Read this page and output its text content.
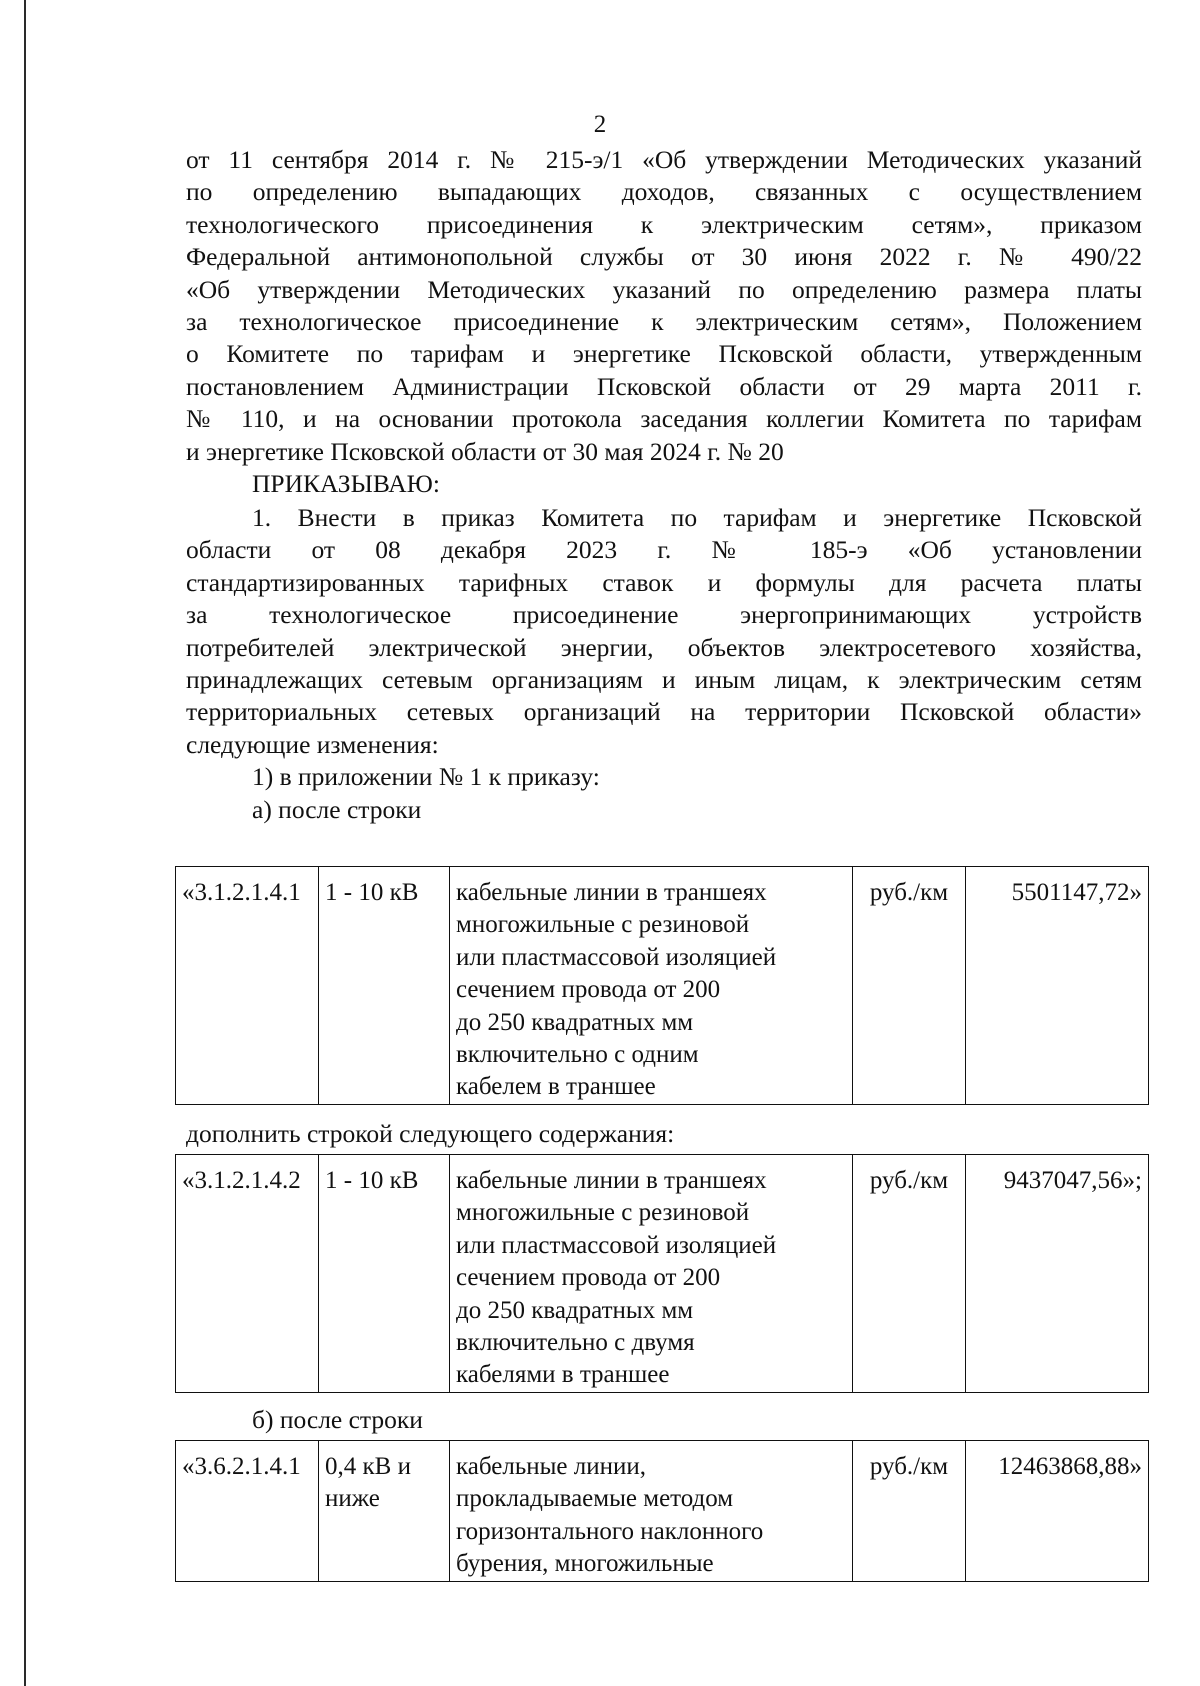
2
от 11 сентября 2014 г. № 215-э/1 «Об утверждении Методических указаний
по определению выпадающих доходов, связанных с осуществлением
технологического присоединения к электрическим сетям», приказом
Федеральной антимонопольной службы от 30 июня 2022 г. № 490/22
«Об утверждении Методических указаний по определению размера платы
за технологическое присоединение к электрическим сетям», Положением
о Комитете по тарифам и энергетике Псковской области, утвержденным
постановлением Администрации Псковской области от 29 марта 2011 г.
№ 110, и на основании протокола заседания коллегии Комитета по тарифам
и энергетике Псковской области от 30 мая 2024 г. № 20
ПРИКАЗЫВАЮ:
1. Внести в приказ Комитета по тарифам и энергетике Псковской
области от 08 декабря 2023 г. № 185-э «Об установлении
стандартизированных тарифных ставок и формулы для расчета платы
за технологическое присоединение энергопринимающих устройств
потребителей электрической энергии, объектов электросетевого хозяйства,
принадлежащих сетевым организациям и иным лицам, к электрическим сетям
территориальных сетевых организаций на территории Псковской области»
следующие изменения:
1) в приложении № 1 к приказу:
а) после строки
«3.1.2.1.4.1	1 - 10 кВ	кабельные линии в траншеях
многожильные с резиновой
или пластмассовой изоляцией
сечением провода от 200
до 250 квадратных мм
включительно с одним
кабелем в траншее
	руб./км	5501147,72»
дополнить строкой следующего содержания:
«3.1.2.1.4.2	1 - 10 кВ	кабельные линии в траншеях
многожильные с резиновой
или пластмассовой изоляцией
сечением провода от 200
до 250 квадратных мм
включительно с двумя
кабелями в траншее
	руб./км	9437047,56»;
б) после строки
«3.6.2.1.4.1	0,4 кВ и
ниже

кабельные линии,
прокладываемые методом
горизонтального наклонного
бурения, многожильные
	руб./км	12463868,88»
